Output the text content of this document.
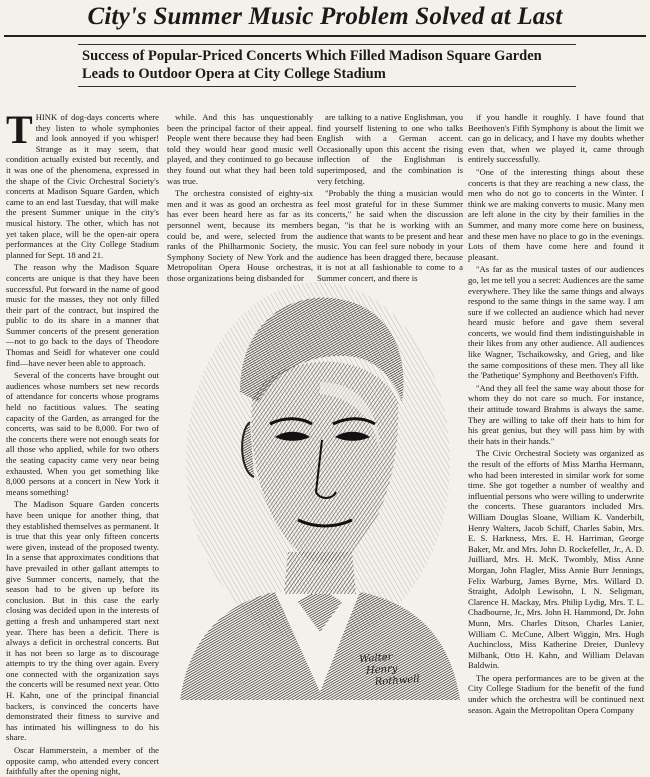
City's Summer Music Problem Solved at Last
Success of Popular-Priced Concerts Which Filled Madison Square Garden Leads to Outdoor Opera at City College Stadium

THINK of dog-days concerts where they listen to whole symphonies and look annoyed if you whisper! Strange as it may seem, that condition actually existed but recently, and it was one of the phenomena, expressed in the shape of the Civic Orchestral Society's concerts at Madison Square Garden, which came to an end last Tuesday, that will make the present Summer unique in the city's musical history. The other, which has not yet taken place, will be the open-air opera performances at the City College Stadium planned for Sept. 18 and 21.

The reason why the Madison Square concerts are unique is that they have been successful. Put forward in the name of good music for the masses, they not only filled their part of the contract, but inspired the public to do its share in a manner that Summer concerts of the present generation—not to go back to the days of Theodore Thomas and Seidl for whatever one could find—have never been able to approach.

Several of the concerts have brought out audiences whose numbers set new records of attendance for concerts whose programs held no factitious values. The seating capacity of the Garden, as arranged for the concerts, was said to be 8,000. For two of the concerts there were not enough seats for all those who applied, while for two others the seating capacity came very near being exhausted. When you get something like 8,000 persons at a concert in New York it means something!

The Madison Square Garden concerts have been unique for another thing, that they established themselves as permanent. It is true that this year only fifteen concerts were given, instead of the proposed twenty. In a sense that approximates conditions that have prevailed in other gallant attempts to give Summer concerts, namely, that the season had to be given up before its conclusion. But in this case the early closing was decided upon in the interests of getting a fresh and unhampered start next year. There has been a deficit. There is always a deficit in orchestral concerts. But it has not been so large as to discourage attempts to try the thing over again. Every one connected with the organization says the concerts will be resumed next year. Otto H. Kahn, one of the principal financial backers, is convinced the concerts have demonstrated their fitness to survive and has intimated his willingness to do his share.

Oscar Hammerstein, a member of the opposite camp, who attended every concert faithfully after the opening night,

while. And this has unquestionably been the principal factor of their appeal. People went there because they had been told they would hear good music well played, and they continued to go because they found out what they had been told was true.

The orchestra consisted of eighty-six men and it was as good an orchestra as has ever been heard here as far as its personnel went, because its members could be, and were, selected from the ranks of the Philharmonic Society, the Symphony Society of New York and the Metropolitan Opera House orchestras, those organizations being disbanded for

are talking to a native Englishman, you find yourself listening to one who talks English with a German accent. Occasionally upon this accent the rising inflection of the Englishman is superimposed, and the combination is very fetching.

"Probably the thing a musician would feel most grateful for in these Summer concerts," he said when the discussion began, "is that he is working with an audience that wants to be present and hear music. You can feel sure nobody in your audience has been dragged there, because it is not at all fashionable to come to a Summer concert, and there is

if you handle it roughly. I have found that Beethoven's Fifth Symphony is about the limit we can go in delicacy, and I have my doubts whether even that, when we played it, came through entirely successfully.

"One of the interesting things about these concerts is that they are reaching a new class, the men who do not go to concerts in the Winter. I think we are making converts to music. Many men are left alone in the city by their families in the Summer, and many more come here on business, and these men have no place to go in the evenings. Lots of them have come here and found it pleasant.

"As far as the musical tastes of our audiences go, let me tell you a secret: Audiences are the same everywhere. They like the same things and always respond to the same things in the same way. I am sure if we collected an audience which had never heard music before and gave them several concerts, we would find them indistinguishable in their likes from any other audience. All audiences like Wagner, Tschaikowsky, and Grieg, and like the same compositions of these men. They all like the 'Pathetique' Symphony and Beethoven's Fifth.

"And they all feel the same way about those for whom they do not care so much. For instance, their attitude toward Brahms is always the same. They are willing to take off their hats to him for his great genius, but they will pass him by with their hats in their hands."

The Civic Orchestral Society was organized as the result of the efforts of Miss Martha Hermann, who had been interested in similar work for some time. She got together a number of wealthy and influential persons who were willing to underwrite the concerts. These guarantors included Mrs. William Douglas Sloane, William K. Vanderbilt, Henry Walters, Jacob Schiff, Charles Sabin, Mrs. E. S. Harkness, Mrs. E. H. Harriman, George Baker, Mr. and Mrs. John D. Rockefeller, Jr., A. D. Juilliard, Mrs. H. McK. Twombly, Miss Anne Morgan, John Flagler, Miss Annie Burr Jennings, Felix Warburg, James Byrne, Mrs. Willard D. Straight, Adolph Lewisohn, I. N. Seligman, Clarence H. Mackay, Mrs. Philip Lydig, Mrs. T. L. Chadbourne, Jr., Mrs. John H. Hammond, Dr. John Munn, Mrs. Charles Ditson, Charles Lanier, William C. McCune, Albert Wiggin, Mrs. Hugh Auchincloss, Miss Katherine Dreier, Dunlevy Milbank, Otto H. Kahn, and William Delavan Baldwin.

The opera performances are to be given at the City College Stadium for the benefit of the fund under which the orchestra will be continued next season. Again the Metropolitan Opera Company

Walter
Henry
Rothwell
